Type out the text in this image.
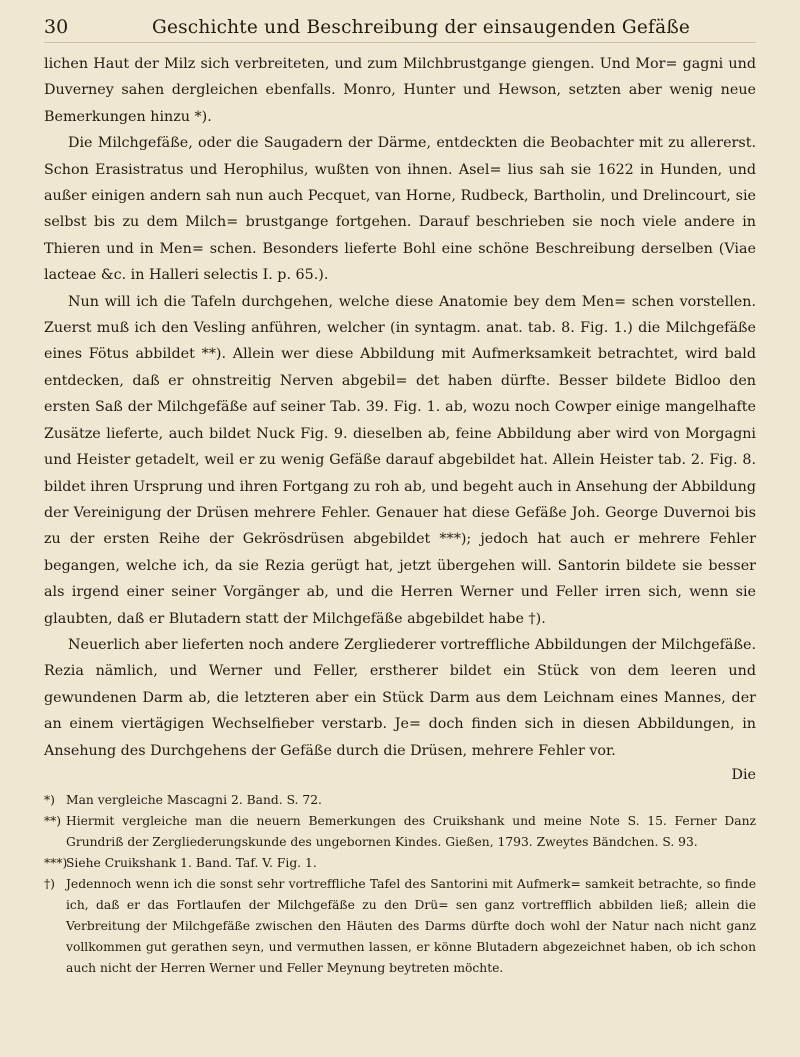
30	Geschichte und Beschreibung der einsaugenden Gefäße

lichen Haut der Milz sich verbreiteten, und zum Milchbrustgange giengen. Und Mor= gagni und Duverney sahen dergleichen ebenfalls. Monro, Hunter und Hewson, setzten aber wenig neue Bemerkungen hinzu *).

Die Milchgefäße, oder die Saugadern der Därme, entdeckten die Beobachter mit zu allererst. Schon Erasistratus und Herophilus, wußten von ihnen. Asel= lius sah sie 1622 in Hunden, und außer einigen andern sah nun auch Pecquet, van Horne, Rudbeck, Bartholin, und Drelincourt, sie selbst bis zu dem Milch= brustgange fortgehen. Darauf beschrieben sie noch viele andere in Thieren und in Men= schen. Besonders lieferte Bohl eine schöne Beschreibung derselben (Viae lacteae &c. in Halleri selectis I. p. 65.).

Nun will ich die Tafeln durchgehen, welche diese Anatomie bey dem Men= schen vorstellen. Zuerst muß ich den Vesling anführen, welcher (in syntagm. anat. tab. 8. Fig. 1.) die Milchgefäße eines Fötus abbildet **). Allein wer diese Abbildung mit Aufmerksamkeit betrachtet, wird bald entdecken, daß er ohnstreitig Nerven abgebil= det haben dürfte. Besser bildete Bidloo den ersten Saß der Milchgefäße auf seiner Tab. 39. Fig. 1. ab, wozu noch Cowper einige mangelhafte Zusätze lieferte, auch bildet Nuck Fig. 9. dieselben ab, feine Abbildung aber wird von Morgagni und Heister getadelt, weil er zu wenig Gefäße darauf abgebildet hat. Allein Heister tab. 2. Fig. 8. bildet ihren Ursprung und ihren Fortgang zu roh ab, und begeht auch in Ansehung der Abbildung der Vereinigung der Drüsen mehrere Fehler. Genauer hat diese Gefäße Joh. George Duvernoi bis zu der ersten Reihe der Gekrösdrüsen abgebildet ***); jedoch hat auch er mehrere Fehler begangen, welche ich, da sie Rezia gerügt hat, jetzt übergehen will. Santorin bildete sie besser als irgend einer seiner Vorgänger ab, und die Herren Werner und Feller irren sich, wenn sie glaubten, daß er Blutadern statt der Milchgefäße abgebildet habe †).

Neuerlich aber lieferten noch andere Zergliederer vortreffliche Abbildungen der Milchgefäße. Rezia nämlich, und Werner und Feller, erstherer bildet ein Stück von dem leeren und gewundenen Darm ab, die letzteren aber ein Stück Darm aus dem Leichnam eines Mannes, der an einem viertägigen Wechselfieber verstarb. Je= doch finden sich in diesen Abbildungen, in Ansehung des Durchgehens der Gefäße durch die Drüsen, mehrere Fehler vor.

Die

*) Man vergleiche Mascagni 2. Band. S. 72.

**) Hiermit vergleiche man die neuern Bemerkungen des Cruikshank und meine Note S. 15. Ferner Danz Grundriß der Zergliederungskunde des ungebornen Kindes. Gießen, 1793. Zweytes Bändchen. S. 93.

***)Siehe Cruikshank 1. Band. Taf. V. Fig. 1.

†) Jedennoch wenn ich die sonst sehr vortreffliche Tafel des Santorini mit Aufmerk= samkeit betrachte, so finde ich, daß er das Fortlaufen der Milchgefäße zu den Drü= sen ganz vortrefflich abbilden ließ; allein die Verbreitung der Milchgefäße zwischen den Häuten des Darms dürfte doch wohl der Natur nach nicht ganz vollkommen gut gerathen seyn, und vermuthen lassen, er könne Blutadern abgezeichnet haben, ob ich schon auch nicht der Herren Werner und Feller Meynung beytreten möchte.
